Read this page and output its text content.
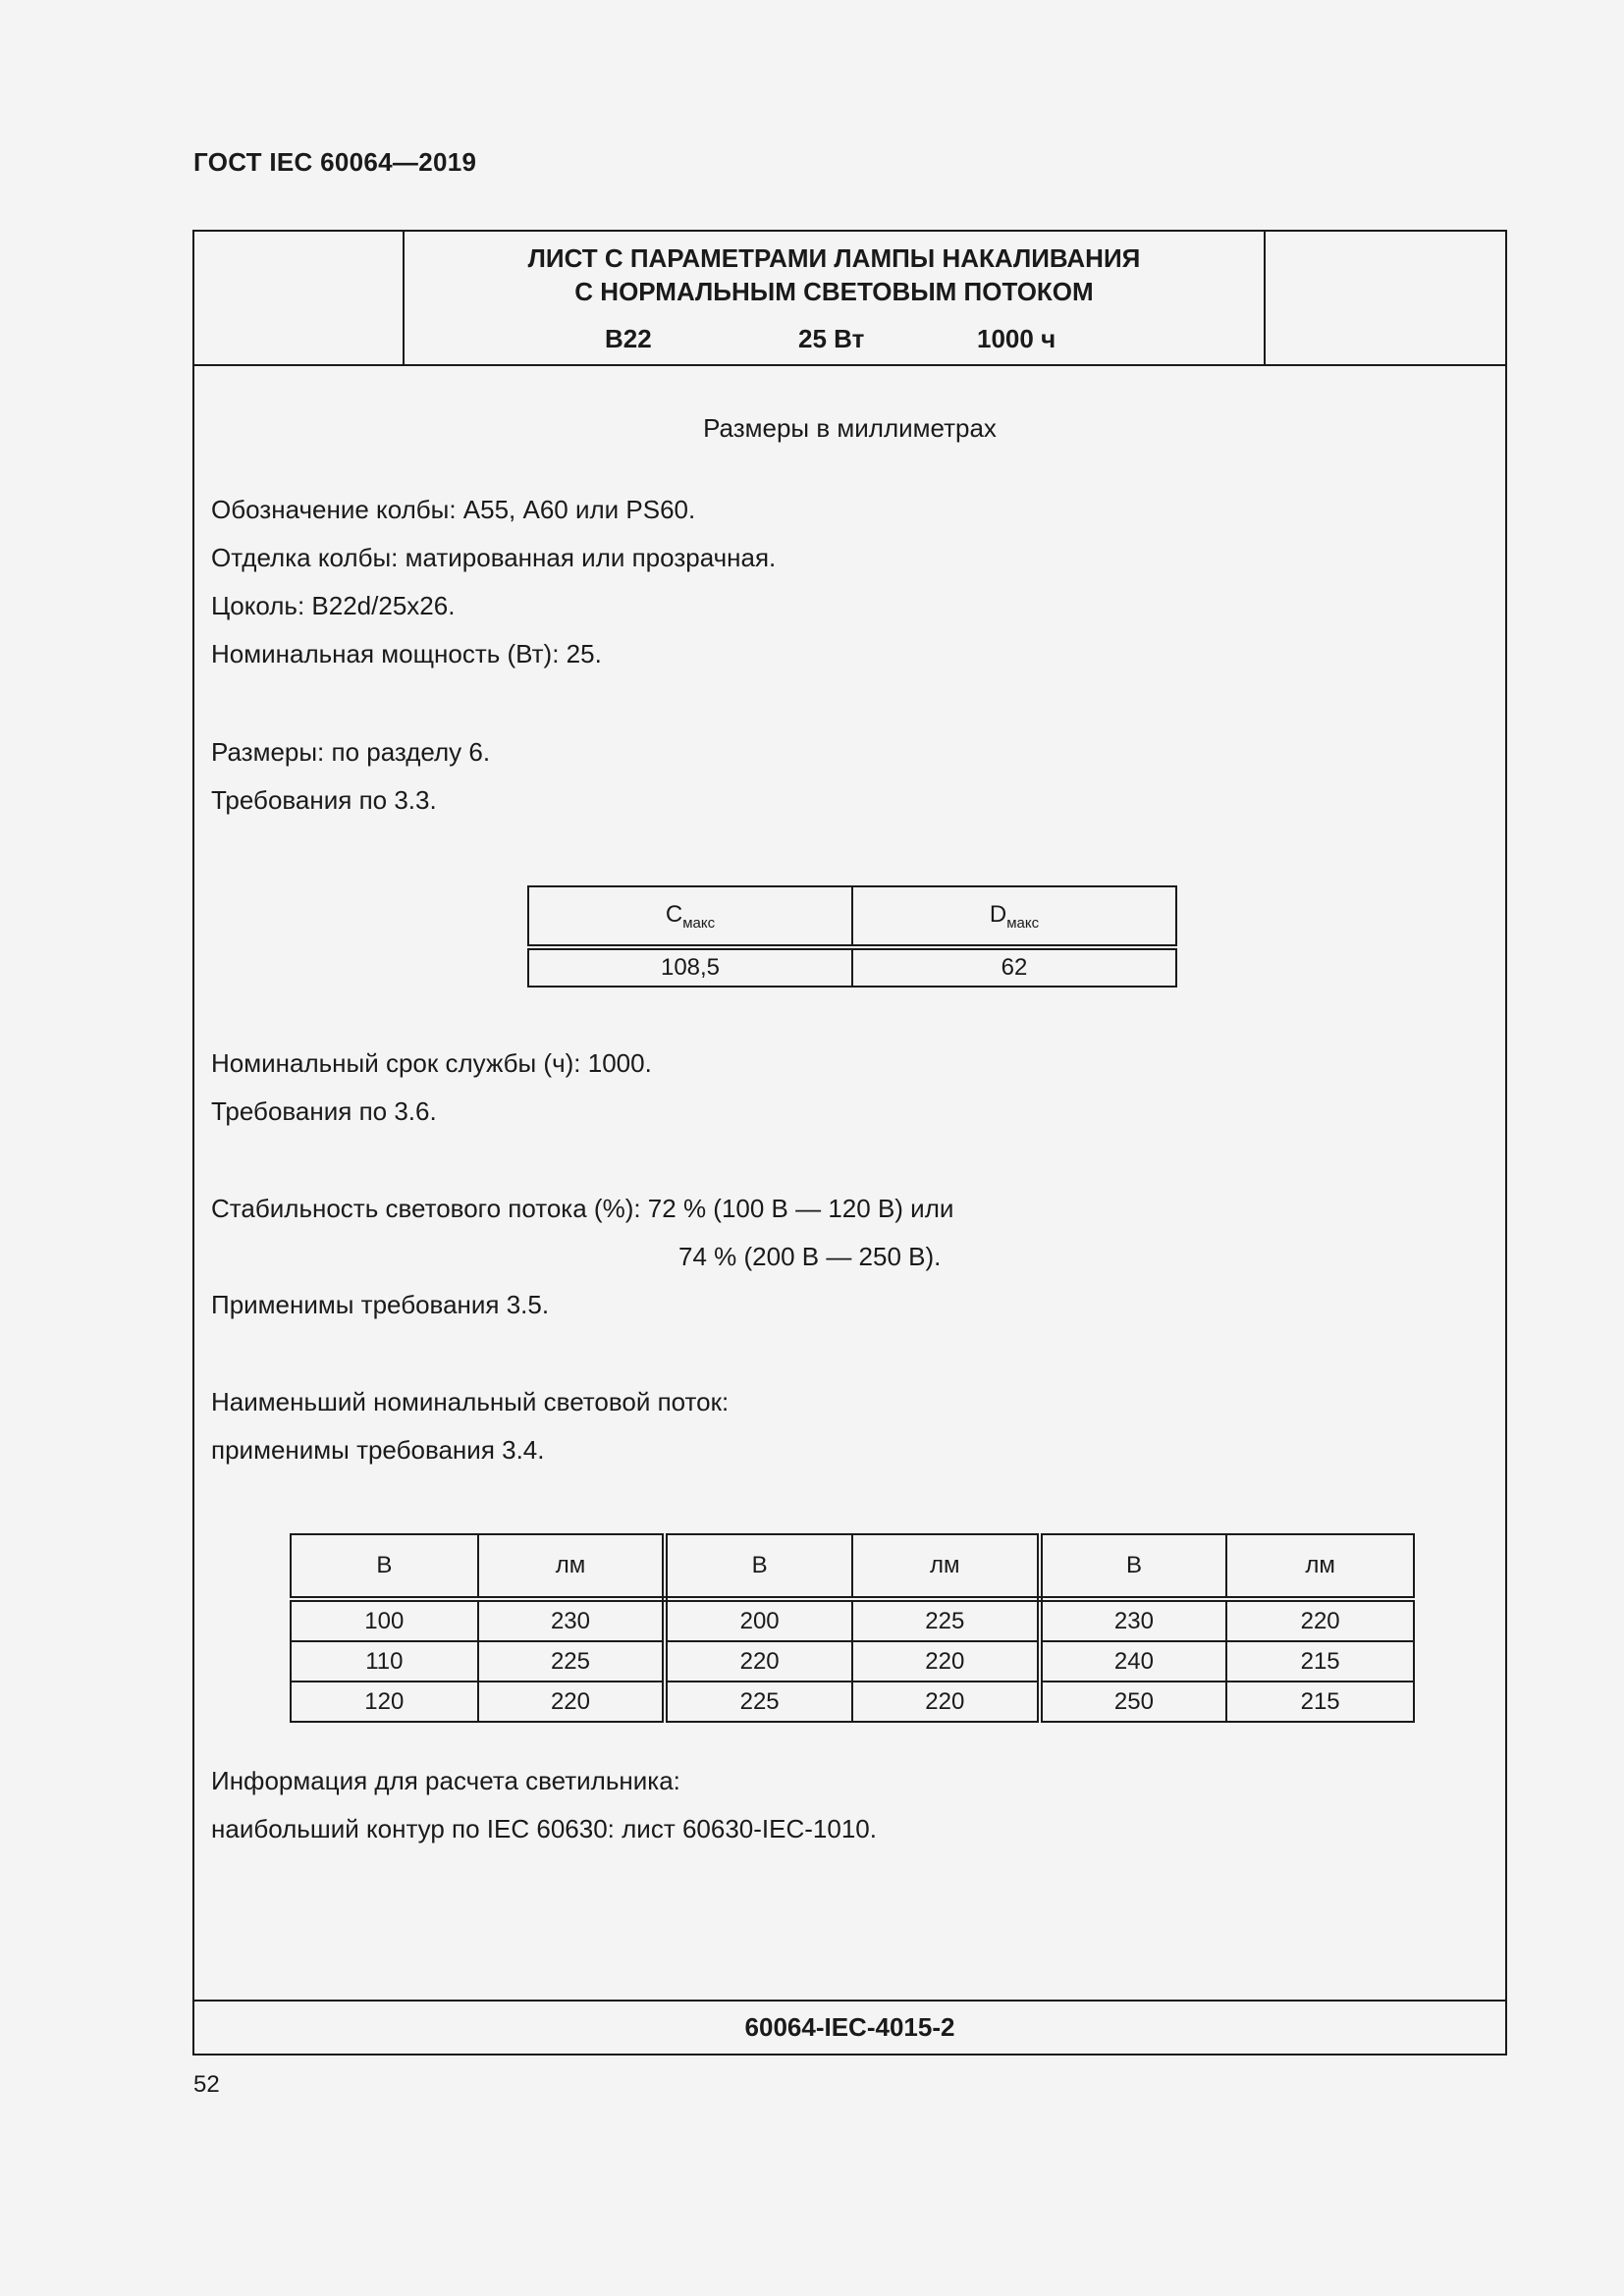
ГОСТ IEC 60064—2019
ЛИСТ С ПАРАМЕТРАМИ ЛАМПЫ НАКАЛИВАНИЯ
С НОРМАЛЬНЫМ СВЕТОВЫМ ПОТОКОМ
B22	25 Вт	1000 ч
Размеры в миллиметрах
Обозначение колбы: А55, А60 или PS60.
Отделка колбы: матированная или прозрачная.
Цоколь: B22d/25x26.
Номинальная мощность (Вт): 25.
Размеры: по разделу 6.
Требования по 3.3.
$C_{макс}$	$D_{макс}$
108,5	62
Номинальный срок службы (ч): 1000.
Требования по 3.6.
Стабильность светового потока (%): 72 % (100 В — 120 В) или
74 % (200 В — 250 В).
Применимы требования 3.5.
Наименьший номинальный световой поток:
применимы требования 3.4.
В	лм	В	лм	В	лм
100	230	200	225	230	220
110	225	220	220	240	215
120	220	225	220	250	215
Информация для расчета светильника:
наибольший контур по IEC 60630: лист 60630-IEC-1010.
60064-IEC-4015-2
52
